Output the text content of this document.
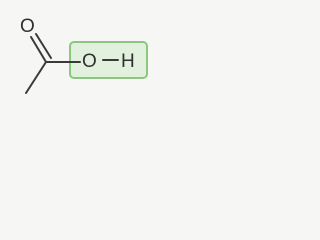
O
O H
